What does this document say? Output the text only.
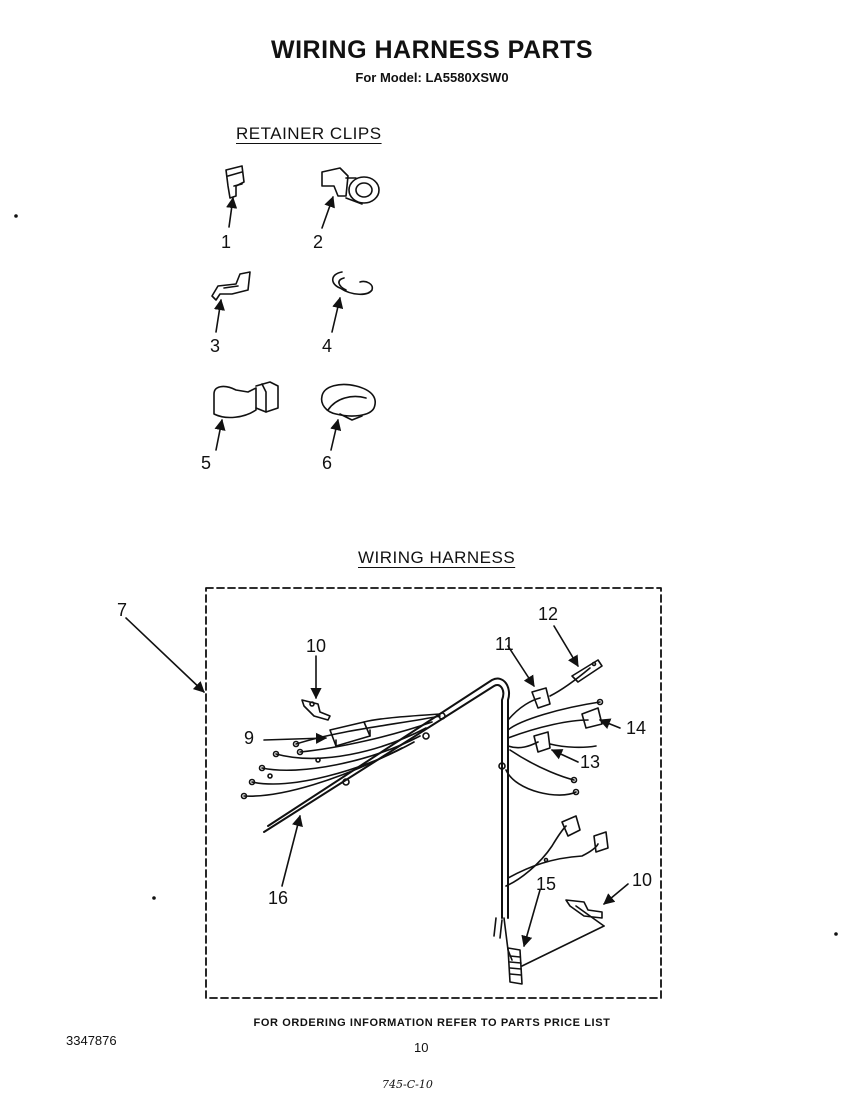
WIRING HARNESS PARTS
For Model: LA5580XSW0
RETAINER CLIPS
WIRING HARNESS
1	2
3	4
5	6
7
10	11
12
9	14
13
10
15
16
FOR ORDERING INFORMATION REFER TO PARTS PRICE LIST
3347876	10
745-C-10
